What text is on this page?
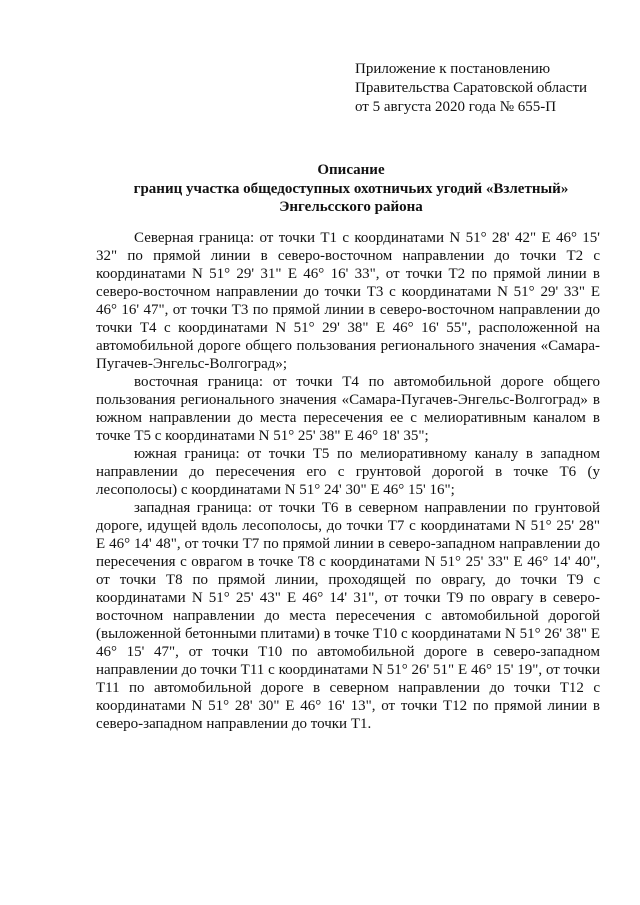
Приложение к постановлению
Правительства Саратовской области
от 5 августа 2020 года № 655-П
Описание
границ участка общедоступных охотничьих угодий «Взлетный»
Энгельсского района

Северная граница: от точки Т1 с координатами N 51° 28' 42" E 46° 15' 32" по прямой линии в северо-восточном направлении до точки Т2 с координатами N 51° 29' 31" E 46° 16' 33", от точки Т2 по прямой линии в северо-восточном направлении до точки Т3 с координатами N 51° 29' 33" E 46° 16' 47", от точки Т3 по прямой линии в северо-восточном направлении до точки Т4 с координатами N 51° 29' 38" E 46° 16' 55", расположенной на автомобильной дороге общего пользования регионального значения «Самара-Пугачев-Энгельс-Волгоград»;

восточная граница: от точки Т4 по автомобильной дороге общего пользования регионального значения «Самара-Пугачев-Энгельс-Волгоград» в южном направлении до места пересечения ее с мелиоративным каналом в точке Т5 с координатами N 51° 25' 38" E 46° 18' 35";

южная граница: от точки Т5 по мелиоративному каналу в западном направлении до пересечения его с грунтовой дорогой в точке Т6 (у лесополосы) с координатами N 51° 24' 30" E 46° 15' 16";

западная граница: от точки Т6 в северном направлении по грунтовой дороге, идущей вдоль лесополосы, до точки Т7 с координатами N 51° 25' 28" E 46° 14' 48", от точки Т7 по прямой линии в северо-западном направлении до пересечения с оврагом в точке Т8 с координатами N 51° 25' 33" E 46° 14' 40", от точки Т8 по прямой линии, проходящей по оврагу, до точки Т9 с координатами N 51° 25' 43" E 46° 14' 31", от точки Т9 по оврагу в северо-восточном направлении до места пересечения с автомобильной дорогой (выложенной бетонными плитами) в точке Т10 с координатами N 51° 26' 38" E 46° 15' 47", от точки Т10 по автомобильной дороге в северо-западном направлении до точки Т11 с координатами N 51° 26' 51" E 46° 15' 19", от точки Т11 по автомобильной дороге в северном направлении до точки Т12 с координатами N 51° 28' 30" E 46° 16' 13", от точки Т12 по прямой линии в северо-западном направлении до точки Т1.
